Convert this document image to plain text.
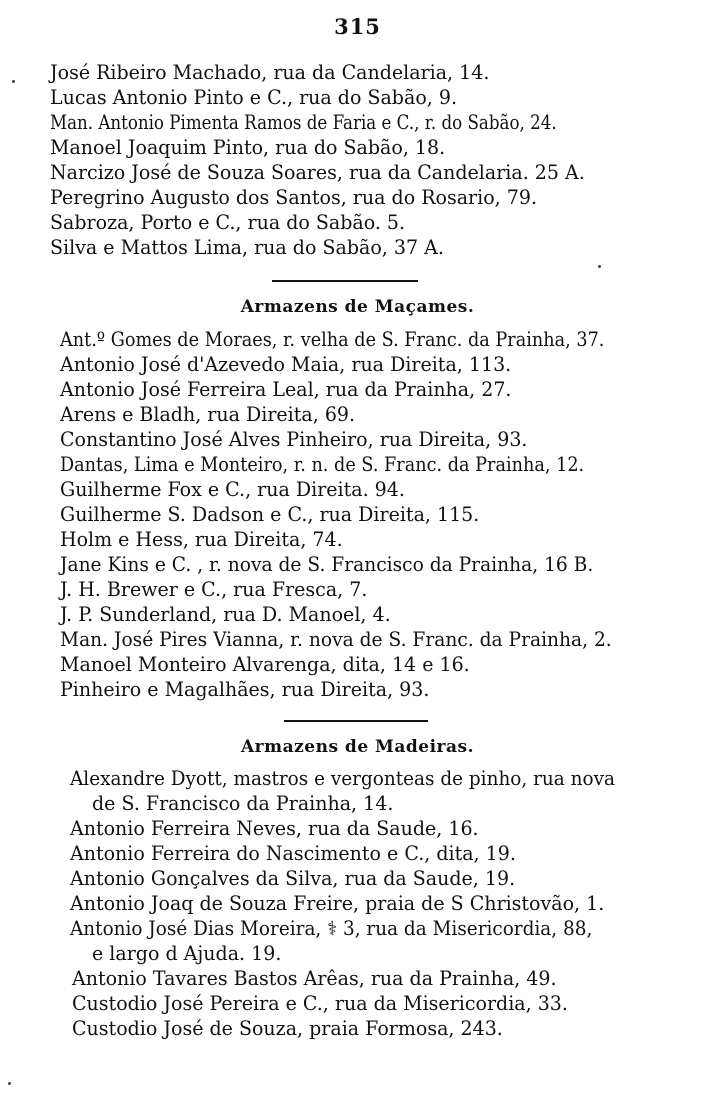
315
José Ribeiro Machado, rua da Candelaria, 14.
Lucas Antonio Pinto e C., rua do Sabão, 9.
Man. Antonio Pimenta Ramos de Faria e C., r. do Sabão, 24.
Manoel Joaquim Pinto, rua do Sabão, 18.
Narcizo José de Souza Soares, rua da Candelaria. 25 A.
Peregrino Augusto dos Santos, rua do Rosario, 79.
Sabroza, Porto e C., rua do Sabão. 5.
Silva e Mattos Lima, rua do Sabão, 37 A.
Armazens de Maçames.
Ant.º Gomes de Moraes, r. velha de S. Franc. da Prainha, 37.
Antonio José d'Azevedo Maia, rua Direita, 113.
Antonio José Ferreira Leal, rua da Prainha, 27.
Arens e Bladh, rua Direita, 69.
Constantino José Alves Pinheiro, rua Direita, 93.
Dantas, Lima e Monteiro, r. n. de S. Franc. da Prainha, 12.
Guilherme Fox e C., rua Direita. 94.
Guilherme S. Dadson e C., rua Direita, 115.
Holm e Hess, rua Direita, 74.
Jane Kins e C. , r. nova de S. Francisco da Prainha, 16 B.
J. H. Brewer e C., rua Fresca, 7.
J. P. Sunderland, rua D. Manoel, 4.
Man. José Pires Vianna, r. nova de S. Franc. da Prainha, 2.
Manoel Monteiro Alvarenga, dita, 14 e 16.
Pinheiro e Magalhães, rua Direita, 93.
Armazens de Madeiras.
Alexandre Dyott, mastros e vergonteas de pinho, rua nova
de S. Francisco da Prainha, 14.
Antonio Ferreira Neves, rua da Saude, 16.
Antonio Ferreira do Nascimento e C., dita, 19.
Antonio Gonçalves da Silva, rua da Saude, 19.
Antonio Joaq de Souza Freire, praia de S Christovão, 1.
Antonio José Dias Moreira, ⚕ 3, rua da Misericordia, 88,
e largo d Ajuda. 19.
Antonio Tavares Bastos Arêas, rua da Prainha, 49.
Custodio José Pereira e C., rua da Misericordia, 33.
Custodio José de Souza, praia Formosa, 243.
